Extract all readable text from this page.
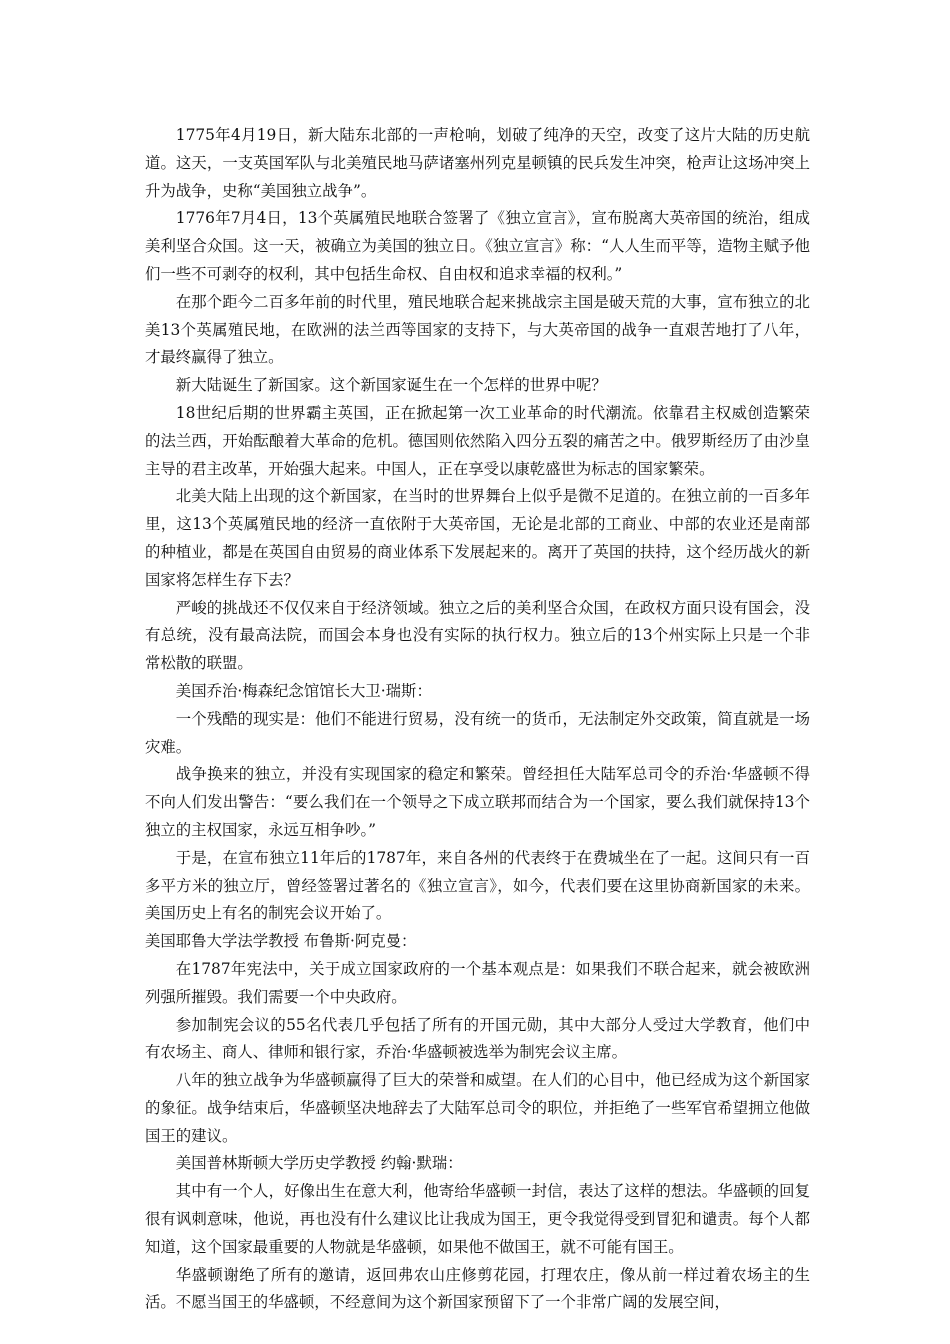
1775年4月19日，新大陆东北部的一声枪响，划破了纯净的天空，改变了这片大陆的历史航道。这天，一支英国军队与北美殖民地马萨诸塞州列克星顿镇的民兵发生冲突，枪声让这场冲突上升为战争，史称“美国独立战争”。

1776年7月4日，13个英属殖民地联合签署了《独立宣言》，宣布脱离大英帝国的统治，组成美利坚合众国。这一天，被确立为美国的独立日。《独立宣言》称：“人人生而平等，造物主赋予他们一些不可剥夺的权利，其中包括生命权、自由权和追求幸福的权利。”

在那个距今二百多年前的时代里，殖民地联合起来挑战宗主国是破天荒的大事，宣布独立的北美13个英属殖民地，在欧洲的法兰西等国家的支持下，与大英帝国的战争一直艰苦地打了八年，才最终赢得了独立。

新大陆诞生了新国家。这个新国家诞生在一个怎样的世界中呢？

18世纪后期的世界霸主英国，正在掀起第一次工业革命的时代潮流。依靠君主权威创造繁荣的法兰西，开始酝酿着大革命的危机。德国则依然陷入四分五裂的痛苦之中。俄罗斯经历了由沙皇主导的君主改革，开始强大起来。中国人，正在享受以康乾盛世为标志的国家繁荣。

北美大陆上出现的这个新国家，在当时的世界舞台上似乎是微不足道的。在独立前的一百多年里，这13个英属殖民地的经济一直依附于大英帝国，无论是北部的工商业、中部的农业还是南部的种植业，都是在英国自由贸易的商业体系下发展起来的。离开了英国的扶持，这个经历战火的新国家将怎样生存下去？

严峻的挑战还不仅仅来自于经济领域。独立之后的美利坚合众国，在政权方面只设有国会，没有总统，没有最高法院，而国会本身也没有实际的执行权力。独立后的13个州实际上只是一个非常松散的联盟。

美国乔治·梅森纪念馆馆长大卫·瑞斯：

一个残酷的现实是：他们不能进行贸易，没有统一的货币，无法制定外交政策，简直就是一场灾难。

战争换来的独立，并没有实现国家的稳定和繁荣。曾经担任大陆军总司令的乔治·华盛顿不得不向人们发出警告：“要么我们在一个领导之下成立联邦而结合为一个国家，要么我们就保持13个独立的主权国家，永远互相争吵。”

于是，在宣布独立11年后的1787年，来自各州的代表终于在费城坐在了一起。这间只有一百多平方米的独立厅，曾经签署过著名的《独立宣言》，如今，代表们要在这里协商新国家的未来。美国历史上有名的制宪会议开始了。

美国耶鲁大学法学教授 布鲁斯·阿克曼：

在1787年宪法中，关于成立国家政府的一个基本观点是：如果我们不联合起来，就会被欧洲列强所摧毁。我们需要一个中央政府。

参加制宪会议的55名代表几乎包括了所有的开国元勋，其中大部分人受过大学教育，他们中有农场主、商人、律师和银行家，乔治·华盛顿被选举为制宪会议主席。

八年的独立战争为华盛顿赢得了巨大的荣誉和威望。在人们的心目中，他已经成为这个新国家的象征。战争结束后，华盛顿坚决地辞去了大陆军总司令的职位，并拒绝了一些军官希望拥立他做国王的建议。

美国普林斯顿大学历史学教授 约翰·默瑞：

其中有一个人，好像出生在意大利，他寄给华盛顿一封信，表达了这样的想法。华盛顿的回复很有讽刺意味，他说，再也没有什么建议比让我成为国王，更令我觉得受到冒犯和谴责。每个人都知道，这个国家最重要的人物就是华盛顿，如果他不做国王，就不可能有国王。

华盛顿谢绝了所有的邀请，返回弗农山庄修剪花园，打理农庄，像从前一样过着农场主的生活。不愿当国王的华盛顿，不经意间为这个新国家预留下了一个非常广阔的发展空间，
